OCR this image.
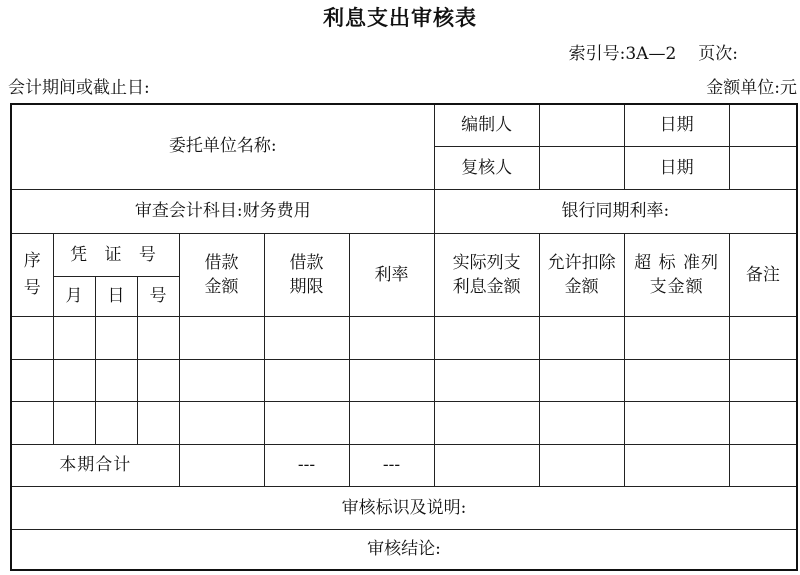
利息支出审核表
索引号:3A—2 页次:
会计期间或截止日:	金额单位:元
委托单位名称:							编制人		日期	
							复核人		日期	
审查会计科目:财务费用							银行同期利率:			
序号	凭 证 号			借款金额	借款期限	利率	实际列支利息金额	允许扣除金额	超 标 准列支金额	备注
	月	日	号							

本期合计					---	---				
审核标识及说明:										
审核结论:										
